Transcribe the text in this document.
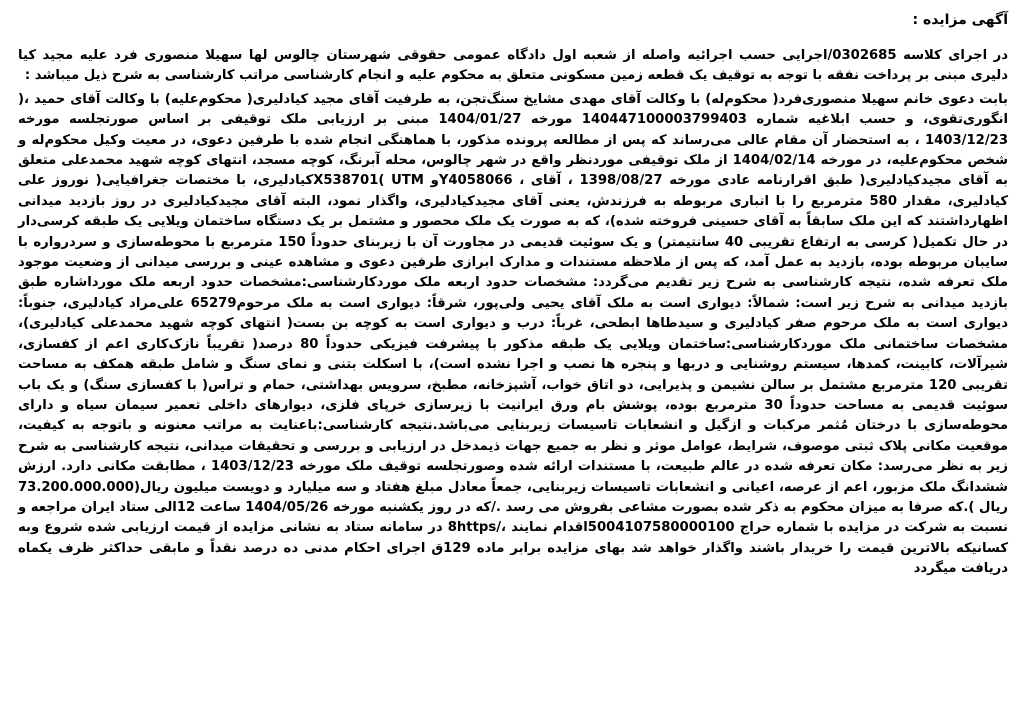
آگهی مزایده :

در اجرای کلاسه 0302685/اجرایی حسب اجرائیه واصله از شعبه اول دادگاه عمومی حقوقی شهرستان چالوس لها سهیلا منصوری فرد علیه مجید کیا دلیری مبنی بر پرداخت نفقه با توجه به توقیف یک قطعه زمین مسکونی متعلق به محکوم علیه و انجام کارشناسی مراتب کارشناسی به شرح ذیل میباشد :

بابت دعوی خانم سهیلا منصوری‌فرد( محکوم‌له) با وکالت آقای مهدی مشایخ سنگ‌تجن، به طرفیت آقای مجید کیادلیری( محکوم‌علیه) با وکالت آقای حمید ،( انگوری‌تقوی، و حسب ابلاغیه شماره 140447100003799403 مورخه 1404/01/27 مبنی بر ارزیابی ملک توقیفی بر اساس صورتجلسه مورخه 1403/12/23 ، به استحضار آن مقام عالی می‌رساند که پس از مطالعه پرونده مذکور، با هماهنگی انجام شده با طرفین دعوی، در معیت وکیل محکوم‌له و شخص محکوم‌علیه، در مورخه 1404/02/14 از ملک توقیفی موردنظر واقع در شهر چالوس، محله آبرنگ، کوچه مسجد، انتهای کوچه شهید محمدعلی متعلق به آقای مجیدکیادلیری( طبق اقرارنامه عادی مورخه 1398/08/27 ، آقای ، Y4058066و X538701( UTMکیادلیری، با مختصات جغرافیایی( نوروز علی کیادلیری، مقدار 580 مترمربع را با انباری مربوطه به فرزندش، یعنی آقای مجیدکیادلیری، واگذار نمود، البته آقای مجیدکیادلیری در روز بازدید میدانی اظهارداشتند که این ملک سابقاً به آقای حسینی فروخته شده)، که به صورت یک ملک محصور و مشتمل بر یک دستگاه ساختمان ویلایی یک طبقه کرسی‌دار در حال تکمیل( کرسی به ارتفاع تقریبی 40 سانتیمتر) و یک سوئیت قدیمی در مجاورت آن با زیربنای حدوداً 150 مترمربع با محوطه‌سازی و سردرواره با سایبان مربوطه بوده، بازدید به عمل آمد، که پس از ملاحظه مستندات و مدارک ابرازی طرفین دعوی و مشاهده عینی و بررسی میدانی از وضعیت موجود ملک تعرفه شده، نتیجه کارشناسی به شرح زیر تقدیم می‌گردد: مشخصات حدود اربعه ملک موردکارشناسی:مشخصات حدود اربعه ملک مورداشاره طبق بازدید میدانی به شرح زیر است: شمالاً: دیواری است به ملک آقای یحیی ولی‌پور، شرقاً: دیواری است به ملک مرحوم65279 علی‌مراد کیادلیری، جنوباً: دیواری است به ملک مرحوم صفر کیادلیری و سیدطاها ابطحی، غرباً: درب و دیواری است به کوچه بن بست( انتهای کوچه شهید محمدعلی کیادلیری)، مشخصات ساختمانی ملک موردکارشناسی:ساختمان ویلایی یک طبقه مذکور با پیشرفت فیزیکی حدوداً 80 درصد( تقریباً نازک‌کاری اعم از کفسازی، شیرآلات، کابینت، کمدها، سیستم روشنایی و دربها و پنجره ها نصب و اجرا نشده است)، با اسکلت بتنی و نمای سنگ و شامل طبقه همکف به مساحت تقریبی 120 مترمربع مشتمل بر سالن نشیمن و پذیرایی، دو اتاق خواب، آشپزخانه، مطبخ، سرویس بهداشتی، حمام و تراس( با کفسازی سنگ) و یک باب سوئیت قدیمی به مساحت حدوداً 30 مترمربع بوده، پوشش بام ورق ایرانیت با زیرسازی خرپای فلزی، دیوارهای داخلی تعمیر سیمان سیاه و دارای محوطه‌سازی با درختان مُثمر مرکبات و ازگیل و انشعابات تاسیسات زیربنایی می‌باشد.نتیجه کارشناسی:باعنایت به مراتب معنونه و باتوجه به کیفیت، موقعیت مکانی پلاک ثبتی موصوف، شرایط، عوامل موثر و نظر به جمیع جهات ذیمدخل در ارزیابی و بررسی و تحقیقات میدانی، نتیجه کارشناسی به شرح زیر به نظر می‌رسد: مکان تعرفه شده در عالم طبیعت، با مستندات ارائه شده وصورتجلسه توقیف ملک مورخه 1403/12/23 ، مطابقت مکانی دارد. ارزش ششدانگ ملک مزبور، اعم از عرصه، اعیانی و انشعابات تاسیسات زیربنایی، جمعاً معادل مبلغ هفتاد و سه میلیارد و دویست میلیون ریال(73.200.000.000 ریال ).که صرفا به میزان محکوم به ذکر شده بصورت مشاعی بفروش می رسد ./که در روز یکشنبه مورخه 1404/05/26 ساعت 12الی ستاد ایران مراجعه و نسبت به شرکت در مزایده با شماره حراج 5004107580000100اقدام نمایند ،/8https در سامانه ستاد به نشانی مزایده از قیمت ارزیابی شده شروع وبه کسانیکه بالاترین قیمت را خریدار باشند واگذار خواهد شد بهای مزایده برابر ماده 129ق اجرای احکام مدنی ده درصد نقداً و مابقی حداکثر ظرف یکماه دریافت میگردد
